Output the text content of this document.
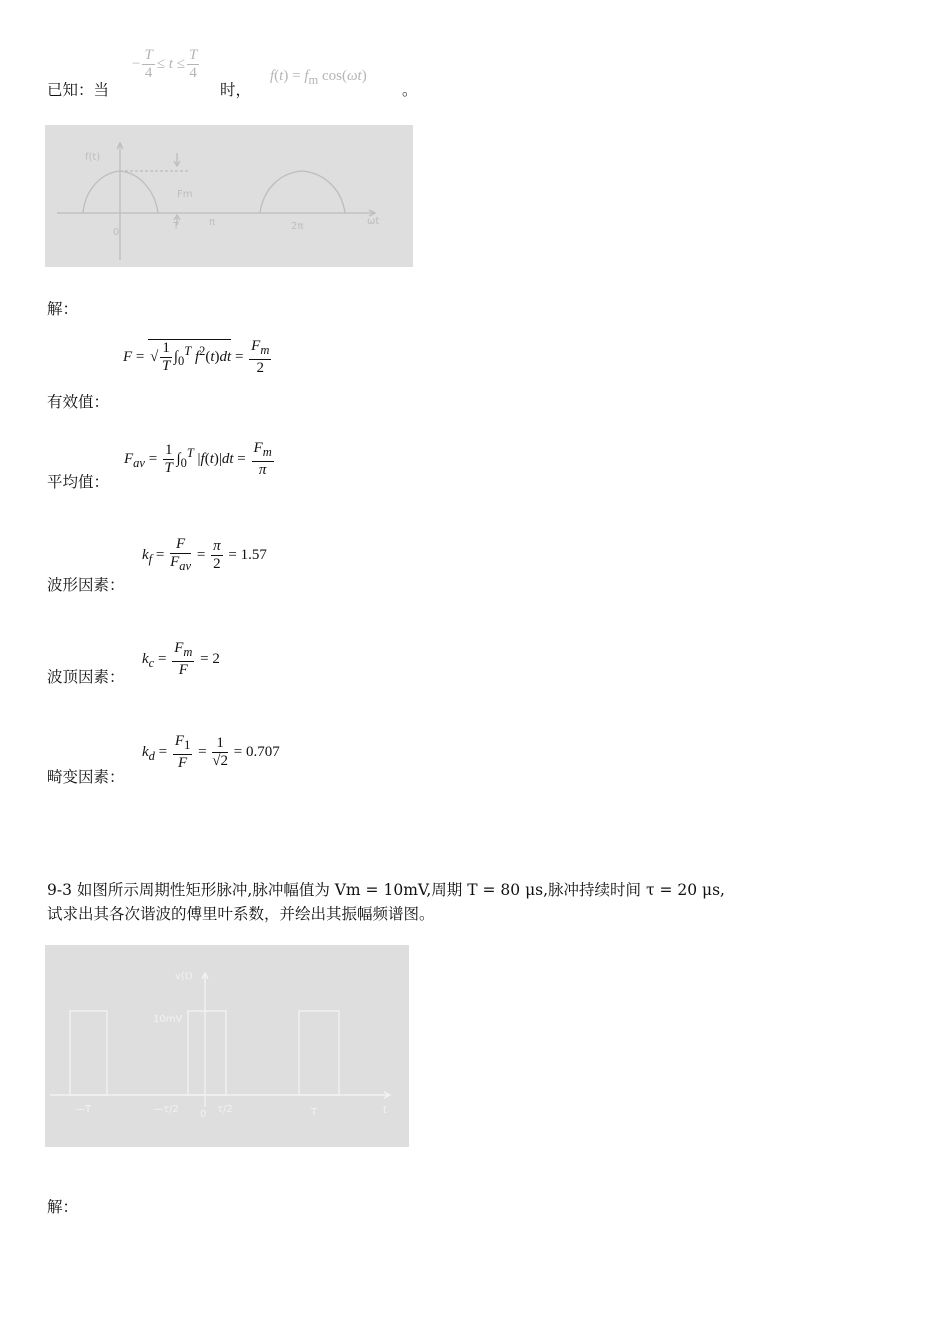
已知：当
− $\frac{T}{4} \le t \le \frac{T}{4}$
时，
$f(t) = f_m$ cos(ωt)
。
f(t)
Fm
0
T	π	2π	ωt
解：
F = √ $\frac{1}{T} \int_0^T$ $f^2(t)dt = \frac{F_m}{2}$
有效值：
$F_{av} = \frac{1}{T} \int_0^T$ $|f(t)|dt = \frac{F_m}{\pi}$
平均值：
$k_f = \frac{F}{F_{av}} = \frac{\pi}{2} = 1.57$
波形因素：
$k_c = \frac{F_m}{F} = 2$
波顶因素：
$k_d = \frac{F_1}{F} = \frac{1}{√2} = 0.707$
畸变因素：
9-3 如图所示周期性矩形脉冲,脉冲幅值为 Vm = 10mV,周期 T = 80 μs,脉冲持续时间 τ = 20 μs,
试求出其各次谐波的傅里叶系数，并绘出其振幅频谱图。
v(t)
10mV
—T	—τ/2 0 τ/2	T	t
解：
